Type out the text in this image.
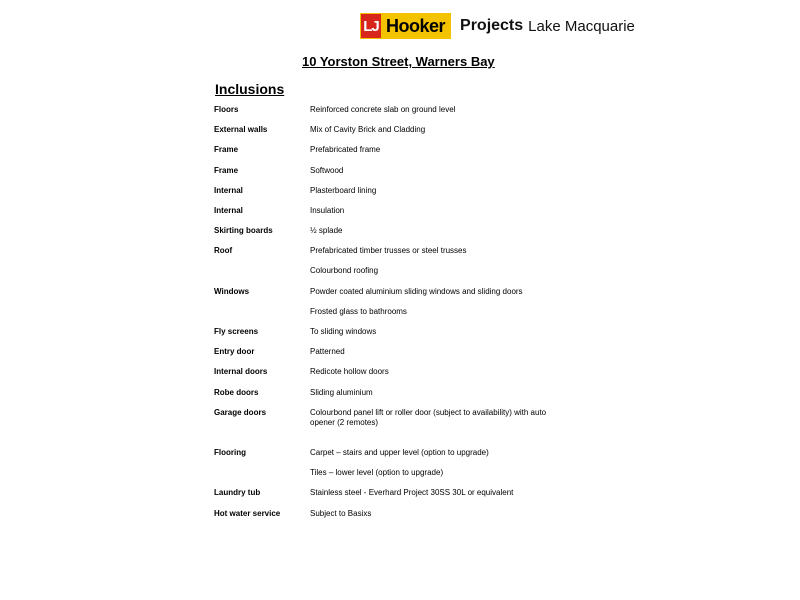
LJ Hooker Projects Lake Macquarie
10 Yorston Street, Warners Bay
Inclusions
Floors	Reinforced concrete slab on ground level
External walls	Mix of Cavity Brick and Cladding
Frame	Prefabricated frame
Frame	Softwood
Internal	Plasterboard lining
Internal	Insulation
Skirting boards	½ splade
Roof	Prefabricated timber trusses or steel trusses
Colourbond roofing
Windows	Powder coated aluminium sliding windows and sliding doors
Frosted glass to bathrooms
Fly screens	To sliding windows
Entry door	Patterned
Internal doors	Redicote hollow doors
Robe doors	Sliding aluminium
Garage doors	Colourbond panel lift or roller door (subject to availability) with auto opener (2 remotes)
Flooring	Carpet – stairs and upper level (option to upgrade)
Tiles – lower level (option to upgrade)
Laundry tub	Stainless steel - Everhard Project 30SS 30L or equivalent
Hot water service	Subject to Basixs
